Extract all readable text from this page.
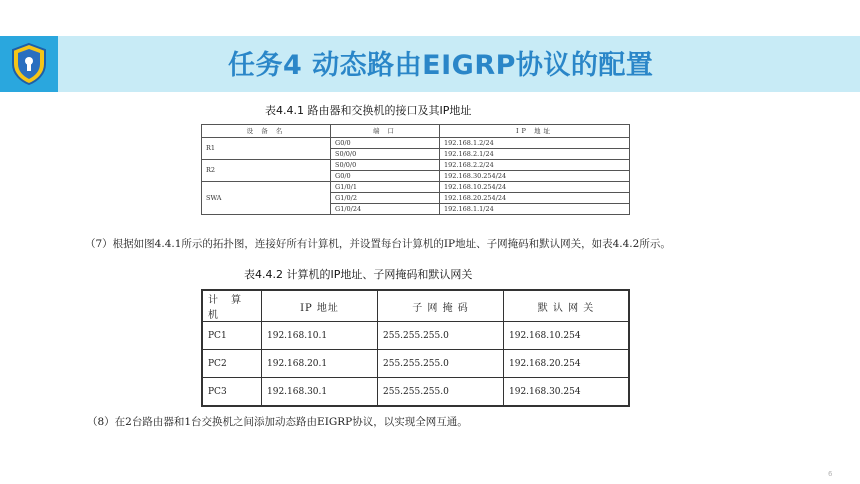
任务4 动态路由EIGRP协议的配置
表4.4.1 路由器和交换机的接口及其IP地址
设 备 名	端 口	IP 地址
R1	G0/0	192.168.1.2/24
	S0/0/0	192.168.2.1/24
R2	S0/0/0	192.168.2.2/24
	G0/0	192.168.30.254/24
SWA	G1/0/1	192.168.10.254/24
	G1/0/2	192.168.20.254/24
	G1/0/24	192.168.1.1/24
（7）根据如图4.4.1所示的拓扑图，连接好所有计算机，并设置每台计算机的IP地址、子网掩码和默认网关，如表4.4.2所示。
表4.4.2 计算机的IP地址、子网掩码和默认网关
计 算 机	IP 地址	子 网 掩 码	默 认 网 关
PC1	192.168.10.1	255.255.255.0	192.168.10.254
PC2	192.168.20.1	255.255.255.0	192.168.20.254
PC3	192.168.30.1	255.255.255.0	192.168.30.254
（8）在2台路由器和1台交换机之间添加动态路由EIGRP协议，以实现全网互通。
6
